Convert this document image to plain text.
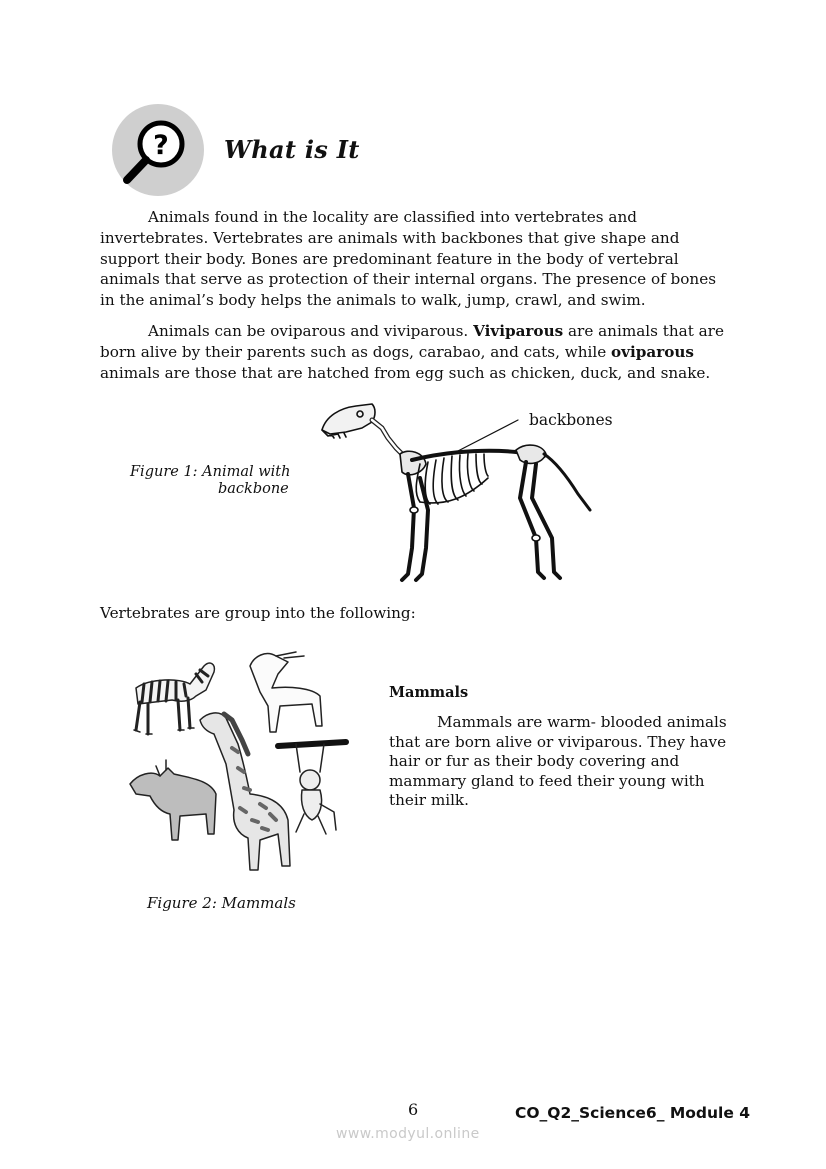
? What is It

Animals found in the locality are classified into vertebrates and invertebrates. Vertebrates are animals with backbones that give shape and support their body. Bones are predominant feature in the body of vertebral animals that serve as protection of their internal organs. The presence of bones in the animal’s body helps the animals to walk, jump, crawl, and swim.

Animals can be oviparous and viviparous. Viviparous are animals that are born alive by their parents such as dogs, carabao, and cats, while oviparous animals are those that are hatched from egg such as chicken, duck, and snake.

Figure 1: Animal with
backbone
backbones
Vertebrates are group into the following:
Mammals

Mammals are warm- blooded animals that are born alive or viviparous. They have hair or fur as their body covering and mammary gland to feed their young with their milk.

Figure 2: Mammals
6	CO_Q2_Science6_ Module 4
www.modyul.online
